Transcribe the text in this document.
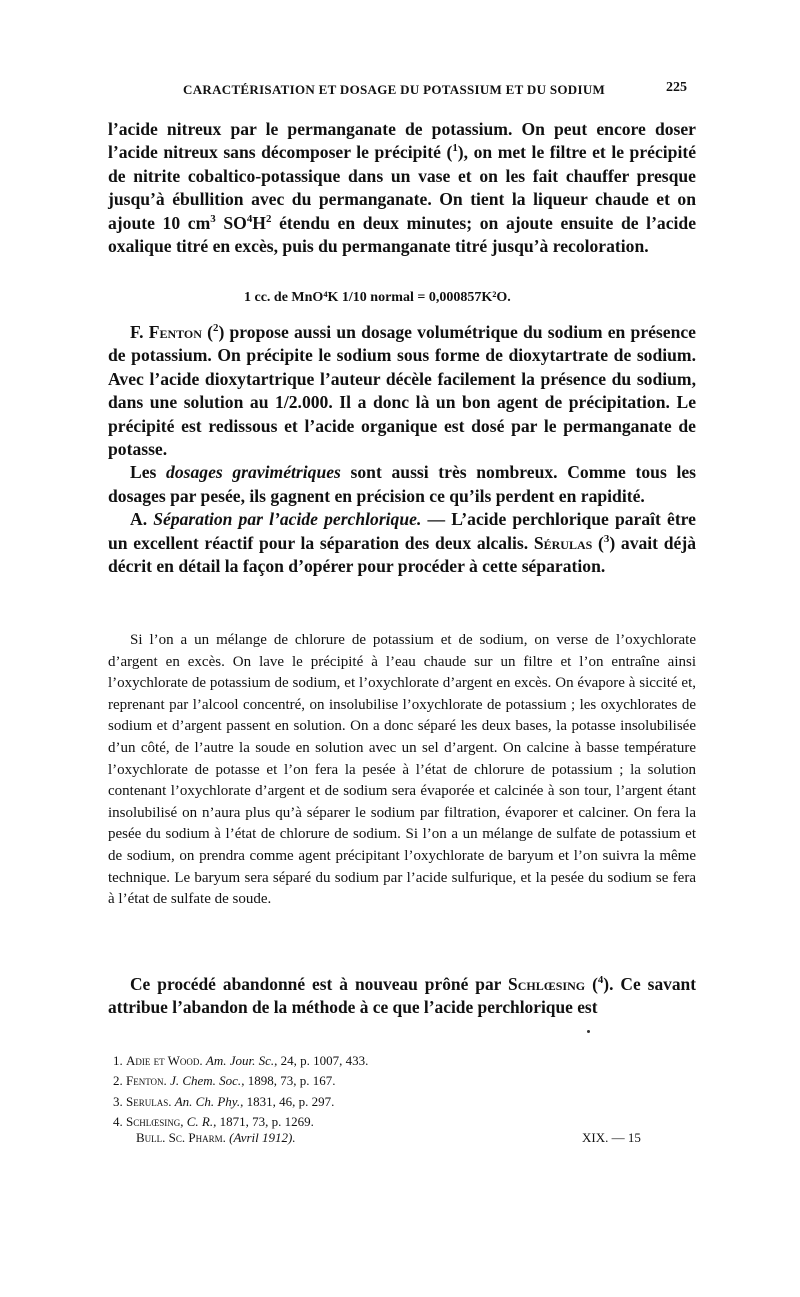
CARACTÉRISATION ET DOSAGE DU POTASSIUM ET DU SODIUM	225

l’acide nitreux par le permanganate de potassium. On peut encore doser l’acide nitreux sans décomposer le précipité ($^1$), on met le filtre et le précipité de nitrite cobaltico-potassique dans un vase et on les fait chauffer presque jusqu’à ébullition avec du permanganate. On tient la liqueur chaude et on ajoute 10 $cm^3$ $SO^4H^2$ étendu en deux minutes; on ajoute ensuite de l’acide oxalique titré en excès, puis du permanganate titré jusqu’à recoloration.

1 cc. de MnO⁴K 1/10 normal = 0,000857K²O.

F. Fenton ($^2$) propose aussi un dosage volumétrique du sodium en présence de potassium. On précipite le sodium sous forme de dioxytartrate de sodium. Avec l’acide dioxytartrique l’auteur décèle facilement la présence du sodium, dans une solution au 1/2.000. Il a donc là un bon agent de précipitation. Le précipité est redissous et l’acide organique est dosé par le permanganate de potasse.

Les dosages gravimétriques sont aussi très nombreux. Comme tous les dosages par pesée, ils gagnent en précision ce qu’ils perdent en rapidité.

A. Séparation par l’acide perchlorique. — L’acide perchlorique paraît être un excellent réactif pour la séparation des deux alcalis. Sérulas ($^3$) avait déjà décrit en détail la façon d’opérer pour procéder à cette séparation.

Si l’on a un mélange de chlorure de potassium et de sodium, on verse de l’oxychlorate d’argent en excès. On lave le précipité à l’eau chaude sur un filtre et l’on entraîne ainsi l’oxychlorate de potassium de sodium, et l’oxychlorate d’argent en excès. On évapore à siccité et, reprenant par l’alcool concentré, on insolubilise l’oxychlorate de potassium ; les oxychlorates de sodium et d’argent passent en solution. On a donc séparé les deux bases, la potasse insolubilisée d’un côté, de l’autre la soude en solution avec un sel d’argent. On calcine à basse température l’oxychlorate de potasse et l’on fera la pesée à l’état de chlorure de potassium ; la solution contenant l’oxychlorate d’argent et de sodium sera évaporée et calcinée à son tour, l’argent étant insolubilisé on n’aura plus qu’à séparer le sodium par filtration, évaporer et calciner. On fera la pesée du sodium à l’état de chlorure de sodium. Si l’on a un mélange de sulfate de potassium et de sodium, on prendra comme agent précipitant l’oxychlorate de baryum et l’on suivra la même technique. Le baryum sera séparé du sodium par l’acide sulfurique, et la pesée du sodium se fera à l’état de sulfate de soude.

Ce procédé abandonné est à nouveau prôné par Schlœsing ($^4$). Ce savant attribue l’abandon de la méthode à ce que l’acide perchlorique est

1. Adie et Wood. Am. Jour. Sc., 24, p. 1007, 433.

2. Fenton. J. Chem. Soc., 1898, 73, p. 167.

3. Serulas. An. Ch. Phy., 1831, 46, p. 297.

4. Schlœsing, C. R., 1871, 73, p. 1269.

Bull. Sc. Pharm. (Avril 1912).	XIX. — 15
